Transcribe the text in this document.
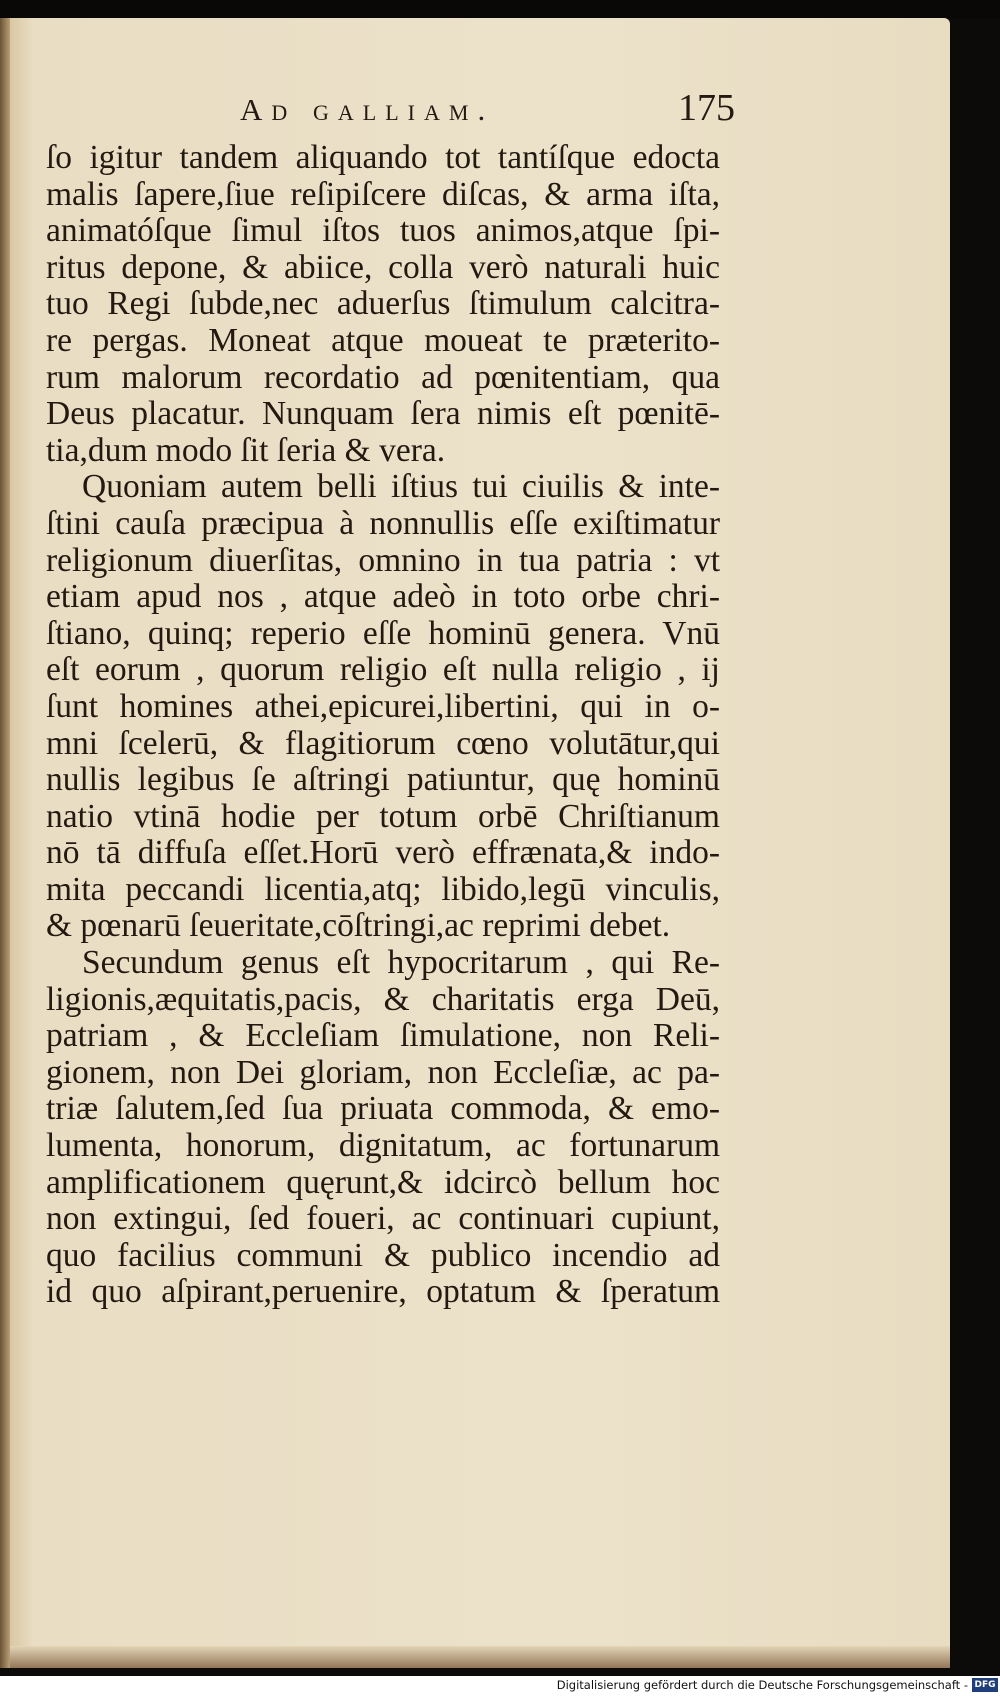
Ad galliam.	175
ſo igitur tandem aliquando tot tantíſque edocta
malis ſapere,ſiue reſipiſcere diſcas, & arma iſta,
animatóſque ſimul iſtos tuos animos,atque ſpi-
ritus depone, & abiice, colla verò naturali huic
tuo Regi ſubde,nec aduerſus ſtimulum calcitra-
re pergas. Moneat atque moueat te præterito-
rum malorum recordatio ad pœnitentiam, qua
Deus placatur. Nunquam ſera nimis eſt pœnitē-
tia,dum modo ſit ſeria & vera.
Quoniam autem belli iſtius tui ciuilis & inte-
ſtini cauſa præcipua à nonnullis eſſe exiſtimatur
religionum diuerſitas, omnino in tua patria : vt
etiam apud nos , atque adeò in toto orbe chri-
ſtiano, quinq; reperio eſſe hominū genera. Vnū
eſt eorum , quorum religio eſt nulla religio , ij
ſunt homines athei,epicurei,libertini, qui in o-
mni ſcelerū, & flagitiorum cœno volutātur,qui
nullis legibus ſe aſtringi patiuntur, quę hominū
natio vtinā hodie per totum orbē Chriſtianum
nō tā diffuſa eſſet.Horū verò effrænata,& indo-
mita peccandi licentia,atq; libido,legū vinculis,
& pœnarū ſeueritate,cōſtringi,ac reprimi debet.
Secundum genus eſt hypocritarum , qui Re-
ligionis,æquitatis,pacis, & charitatis erga Deū,
patriam , & Eccleſiam ſimulatione, non Reli-
gionem, non Dei gloriam, non Eccleſiæ, ac pa-
triæ ſalutem,ſed ſua priuata commoda, & emo-
lumenta, honorum, dignitatum, ac fortunarum
amplificationem quęrunt,& idcircò bellum hoc
non extingui, ſed foueri, ac continuari cupiunt,
quo facilius communi & publico incendio ad
id quo aſpirant,peruenire, optatum & ſperatum
Digitalisierung gefördert durch die Deutsche Forschungsgemeinschaft - DFG
